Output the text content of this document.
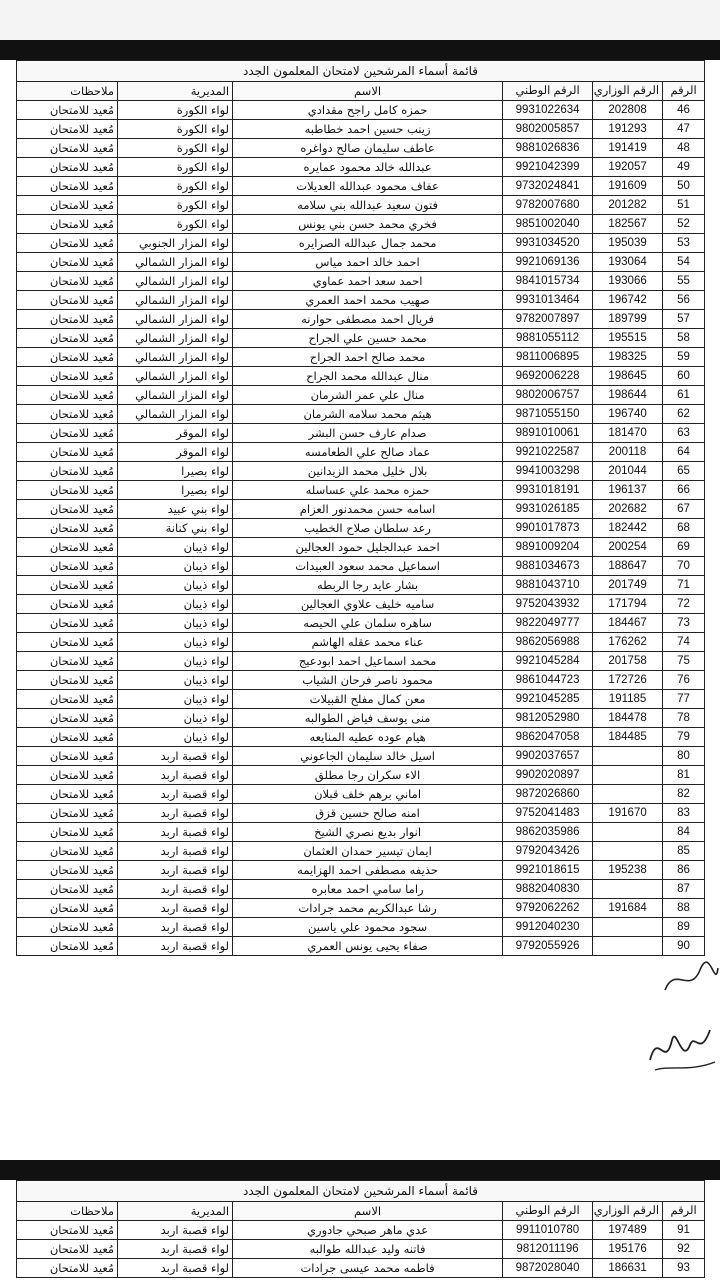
قائمة أسماء المرشحين لامتحان المعلمون الجدد					
الرقم	الرقم الوزاري	الرقم الوطني	الاسم	المديرية	ملاحظات
46	202808	9931022634	حمزه كامل راجح مقدادي	لواء الكورة	مُعيد للامتحان
47	191293	9802005857	زينب حسين احمد خطاطبه	لواء الكورة	مُعيد للامتحان
48	191419	9881026836	عاطف سليمان صالح دواغره	لواء الكورة	مُعيد للامتحان
49	192057	9921042399	عبدالله خالد محمود عمايره	لواء الكورة	مُعيد للامتحان
50	191609	9732024841	عفاف محمود عبدالله العديلات	لواء الكورة	مُعيد للامتحان
51	201282	9782007680	فتون سعيد عبدالله بني سلامه	لواء الكورة	مُعيد للامتحان
52	182567	9851002040	فخري محمد حسن بني يونس	لواء الكورة	مُعيد للامتحان
53	195039	9931034520	محمد جمال عبدالله الصرايره	لواء المزار الجنوبي	مُعيد للامتحان
54	193064	9921069136	احمد خالد احمد مياس	لواء المزار الشمالي	مُعيد للامتحان
55	193066	9841015734	احمد سعد احمد عماوي	لواء المزار الشمالي	مُعيد للامتحان
56	196742	9931013464	صهيب محمد احمد العمري	لواء المزار الشمالي	مُعيد للامتحان
57	189799	9782007897	فريال احمد مصطفى حوارنه	لواء المزار الشمالي	مُعيد للامتحان
58	195515	9881055112	محمد حسين علي الجراح	لواء المزار الشمالي	مُعيد للامتحان
59	198325	9811006895	محمد صالح احمد الجراح	لواء المزار الشمالي	مُعيد للامتحان
60	198645	9692006228	منال عبدالله محمد الجراح	لواء المزار الشمالي	مُعيد للامتحان
61	198644	9802006757	منال علي عمر الشرمان	لواء المزار الشمالي	مُعيد للامتحان
62	196740	9871055150	هيثم محمد سلامه الشرمان	لواء المزار الشمالي	مُعيد للامتحان
63	181470	9891010061	صدام عارف حسن البشر	لواء الموقر	مُعيد للامتحان
64	200118	9921022587	عماد صالح علي الطعامسه	لواء الموقر	مُعيد للامتحان
65	201044	9941003298	بلال خليل محمد الزيدانين	لواء بصيرا	مُعيد للامتحان
66	196137	9931018191	حمزه محمد علي عساسله	لواء بصيرا	مُعيد للامتحان
67	202682	9931026185	اسامه حسن محمدنور العزام	لواء بني عبيد	مُعيد للامتحان
68	182442	9901017873	رعد سلطان صلاح الخطيب	لواء بني كنانة	مُعيد للامتحان
69	200254	9891009204	احمد عبدالجليل حمود العجالين	لواء ذيبان	مُعيد للامتحان
70	188647	9881034673	اسماعيل محمد سعود العبيدات	لواء ذيبان	مُعيد للامتحان
71	201749	9881043710	بشار عايد رجا الربطه	لواء ذيبان	مُعيد للامتحان
72	171794	9752043932	ساميه خليف علاوي العجالين	لواء ذيبان	مُعيد للامتحان
73	184467	9822049777	ساهره سلمان علي الحيصه	لواء ذيبان	مُعيد للامتحان
74	176262	9862056988	عناء محمد عقله الهاشم	لواء ذيبان	مُعيد للامتحان
75	201758	9921045284	محمد اسماعيل احمد ابودعيج	لواء ذيبان	مُعيد للامتحان
76	172726	9861044723	محمود ناصر فرحان الشياب	لواء ذيبان	مُعيد للامتحان
77	191185	9921045285	معن كمال مفلح القبيلات	لواء ذيبان	مُعيد للامتحان
78	184478	9812052980	منى يوسف فياض الطوالبه	لواء ذيبان	مُعيد للامتحان
79	184485	9862047058	هيام عوده عطيه المنايعه	لواء ذيبان	مُعيد للامتحان
80		9902037657	اسيل خالد سليمان الجاعوني	لواء قصبة اربد	مُعيد للامتحان
81		9902020897	الاء سكران رجا مطلق	لواء قصبة اربد	مُعيد للامتحان
82		9872026860	اماني برهم خلف قبلان	لواء قصبة اربد	مُعيد للامتحان
83	191670	9752041483	امنه صالح حسين قزق	لواء قصبة اربد	مُعيد للامتحان
84		9862035986	انوار بديع نصري الشيخ	لواء قصبة اربد	مُعيد للامتحان
85		9792043426	ايمان تيسير حمدان العثمان	لواء قصبة اربد	مُعيد للامتحان
86	195238	9921018615	حذيفه مصطفى احمد الهزايمه	لواء قصبة اربد	مُعيد للامتحان
87		9882040830	راما سامي احمد معابره	لواء قصبة اربد	مُعيد للامتحان
88	191684	9792062262	رشا عبدالكريم محمد جرادات	لواء قصبة اربد	مُعيد للامتحان
89		9912040230	سجود محمود علي ياسين	لواء قصبة اربد	مُعيد للامتحان
90		9792055926	صفاء يحيى يونس العمري	لواء قصبة اربد	مُعيد للامتحان
قائمة أسماء المرشحين لامتحان المعلمون الجدد					
الرقم	الرقم الوزاري	الرقم الوطني	الاسم	المديرية	ملاحظات
91	197489	9911010780	عدي ماهر صبحي جادوري	لواء قصبة اربد	مُعيد للامتحان
92	195176	9812011196	فاتنه وليد عبدالله طوالبه	لواء قصبة اربد	مُعيد للامتحان
93	186631	9872028040	فاطمه محمد عيسى جرادات	لواء قصبة اربد	مُعيد للامتحان
